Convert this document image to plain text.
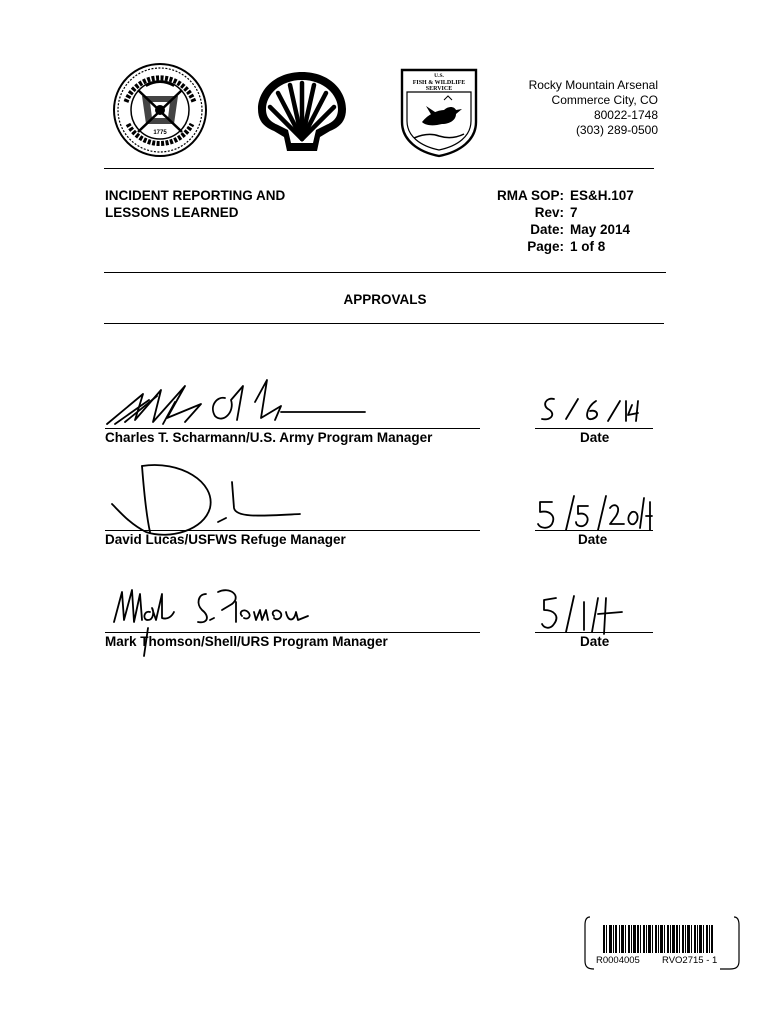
1775
U.S.
FISH & WILDLIFE
SERVICE	Rocky Mountain Arsenal
Commerce City, CO
80022-1748
(303) 289-0500
INCIDENT REPORTING AND
LESSONS LEARNED
RMA SOP: ES&H.107
Rev: 7
Date: May 2014
Page: 1 of 8
APPROVALS
Charles T. Scharmann/U.S. Army Program Manager	Date
David Lucas/USFWS Refuge Manager	Date
Mark Thomson/Shell/URS Program Manager	Date
R0004005 RVO2715 - 1
